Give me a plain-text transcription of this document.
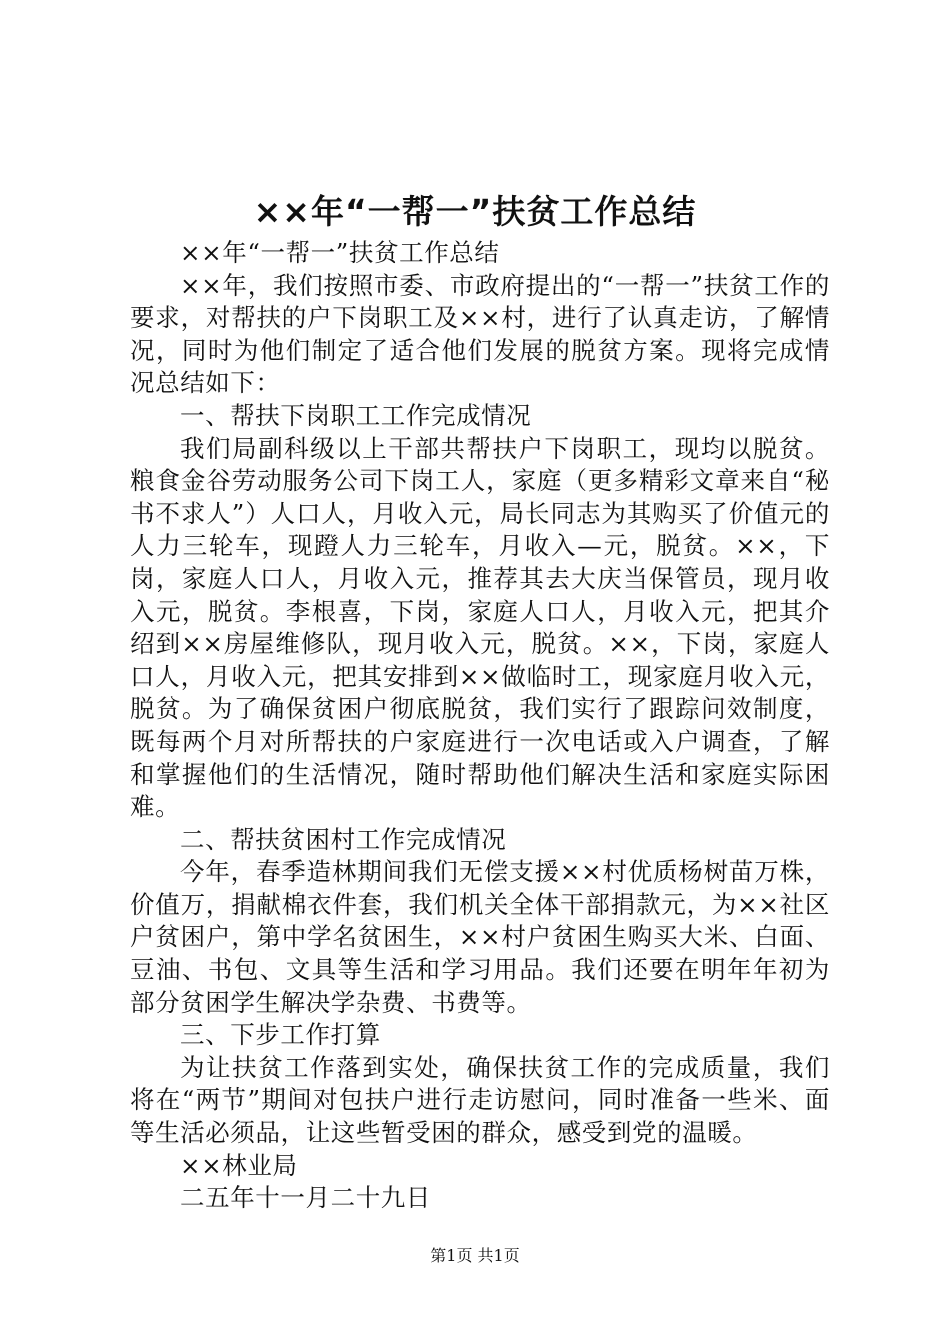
××年“一帮一”扶贫工作总结

××年“一帮一”扶贫工作总结

××年，我们按照市委、市政府提出的“一帮一”扶贫工作的要求，对帮扶的户下岗职工及××村，进行了认真走访，了解情况，同时为他们制定了适合他们发展的脱贫方案。现将完成情况总结如下：

一、帮扶下岗职工工作完成情况

我们局副科级以上干部共帮扶户下岗职工，现均以脱贫。粮食金谷劳动服务公司下岗工人，家庭（更多精彩文章来自“秘书不求人”）人口人，月收入元，局长同志为其购买了价值元的人力三轮车，现蹬人力三轮车，月收入—元，脱贫。××，下岗，家庭人口人，月收入元，推荐其去大庆当保管员，现月收入元，脱贫。李根喜，下岗，家庭人口人，月收入元，把其介绍到××房屋维修队，现月收入元，脱贫。××，下岗，家庭人口人，月收入元，把其安排到××做临时工，现家庭月收入元，脱贫。为了确保贫困户彻底脱贫，我们实行了跟踪问效制度，既每两个月对所帮扶的户家庭进行一次电话或入户调查，了解和掌握他们的生活情况，随时帮助他们解决生活和家庭实际困难。

二、帮扶贫困村工作完成情况

今年，春季造林期间我们无偿支援××村优质杨树苗万株，价值万，捐献棉衣件套，我们机关全体干部捐款元，为××社区户贫困户，第中学名贫困生，××村户贫困生购买大米、白面、豆油、书包、文具等生活和学习用品。我们还要在明年年初为部分贫困学生解决学杂费、书费等。

三、下步工作打算

为让扶贫工作落到实处，确保扶贫工作的完成质量，我们将在“两节”期间对包扶户进行走访慰问，同时准备一些米、面等生活必须品，让这些暂受困的群众，感受到党的温暖。

××林业局

二五年十一月二十九日

第1页 共1页
